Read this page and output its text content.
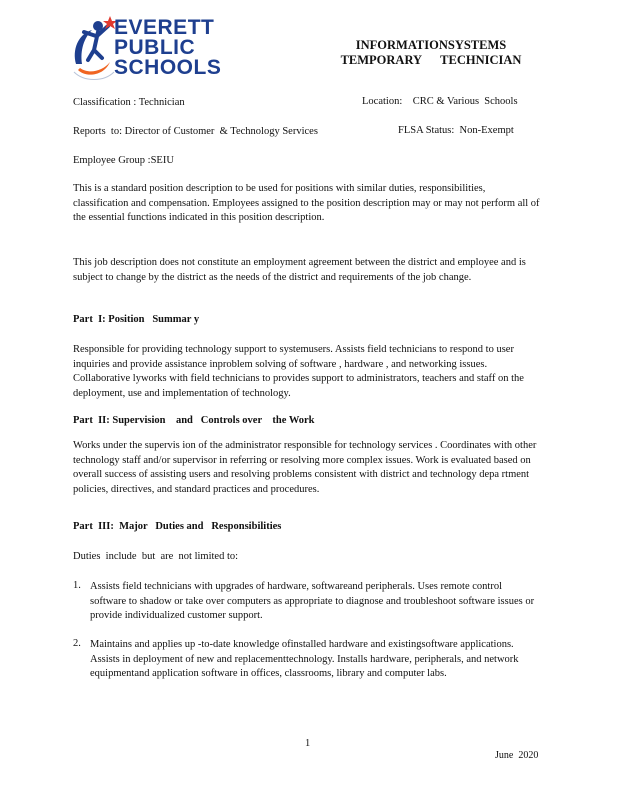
EVERETT
PUBLIC
SCHOOLS
INFORMATIONSYSTEMS
TEMPORARY      TECHNICIAN
Classification : Technician	Location:    CRC & Various  Schools
Reports  to: Director of Customer  & Technology Services	FLSA Status:  Non-Exempt
Employee Group :SEIU
This is a standard position description to be used for positions with similar duties, responsibilities, classification and compensation. Employees assigned to the position description may or may not perform all of the essential functions indicated in this position description.
This job description does not constitute an employment agreement between the district and employee and is subject to change by the district as the needs of the district and requirements of the job change.
Part  I: Position   Summar y
Responsible for providing technology support to systemusers. Assists field technicians to respond to user inquiries and provide assistance inproblem solving of software , hardware , and networking issues. Collaborative lyworks with field technicians to provides support to administrators, teachers and staff on the deployment, use and implementation of technology.
Part  II: Supervision    and   Controls over    the Work
Works under the supervis ion of the administrator responsible for technology services . Coordinates with other technology staff and/or supervisor in referring or resolving more complex issues. Work is evaluated based on overall success of assisting users and resolving problems consistent with district and technology depa rtment policies, directives, and standard practices and procedures.
Part  III:  Major   Duties and   Responsibilities
Duties  include  but  are  not limited to:
1. Assists field technicians with upgrades of hardware, softwareand peripherals. Uses remote control software to shadow or take over computers as appropriate to diagnose and troubleshoot software issues or provide individualized customer support.
2. Maintains and applies up -to-date knowledge ofinstalled hardware and existingsoftware applications. Assists in deployment of new and replacementtechnology. Installs hardware, peripherals, and network equipmentand application software in offices, classrooms, library and computer labs.
1
June  2020
